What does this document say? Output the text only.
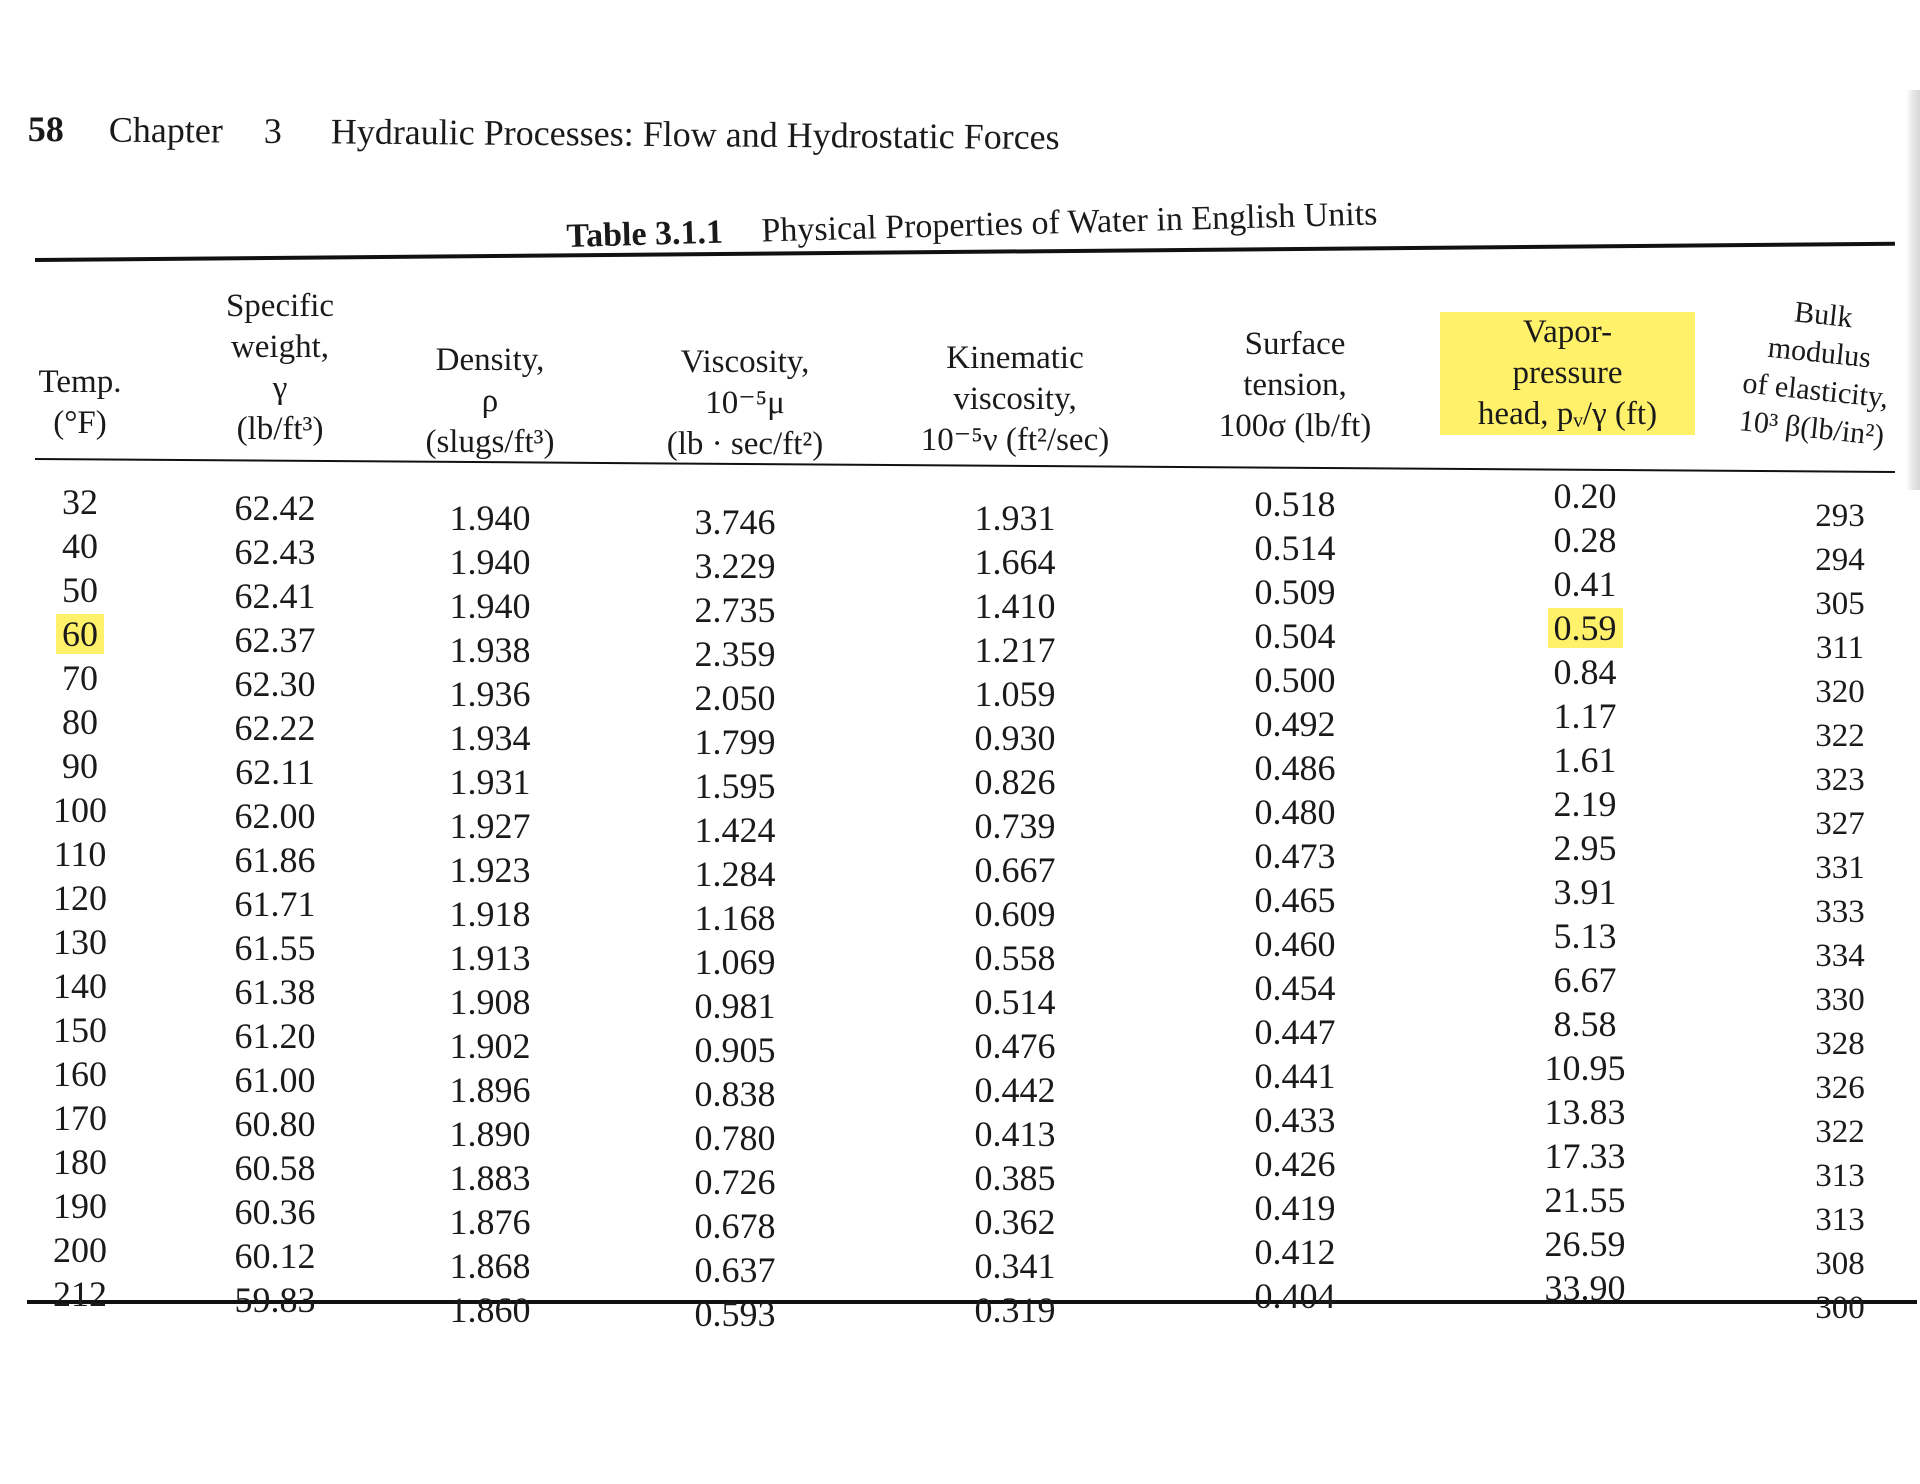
58 Chapter 3 Hydraulic Processes: Flow and Hydrostatic Forces
Table 3.1.1 Physical Properties of Water in English Units
Temp.
(°F)
Specific
weight,
γ
(lb/ft³)
Density,
ρ
(slugs/ft³)
Viscosity,
10⁻⁵μ
(lb · sec/ft²)
Kinematic
viscosity,
10⁻⁵ν (ft²/sec)
Surface
tension,
100σ (lb/ft)
Vapor-
pressure
head, pᵥ/γ (ft)
Bulk
modulus
of elasticity,
10³ β(lb/in²)
32
40
50
60
70
80
90
100
110
120
130
140
150
160
170
180
190
200
212
62.42
62.43
62.41
62.37
62.30
62.22
62.11
62.00
61.86
61.71
61.55
61.38
61.20
61.00
60.80
60.58
60.36
60.12
59.83
1.940
1.940
1.940
1.938
1.936
1.934
1.931
1.927
1.923
1.918
1.913
1.908
1.902
1.896
1.890
1.883
1.876
1.868
1.860
3.746
3.229
2.735
2.359
2.050
1.799
1.595
1.424
1.284
1.168
1.069
0.981
0.905
0.838
0.780
0.726
0.678
0.637
0.593
1.931
1.664
1.410
1.217
1.059
0.930
0.826
0.739
0.667
0.609
0.558
0.514
0.476
0.442
0.413
0.385
0.362
0.341
0.319
0.518
0.514
0.509
0.504
0.500
0.492
0.486
0.480
0.473
0.465
0.460
0.454
0.447
0.441
0.433
0.426
0.419
0.412
0.404
0.20
0.28
0.41
0.59
0.84
1.17
1.61
2.19
2.95
3.91
5.13
6.67
8.58
10.95
13.83
17.33
21.55
26.59
33.90
293
294
305
311
320
322
323
327
331
333
334
330
328
326
322
313
313
308
300
